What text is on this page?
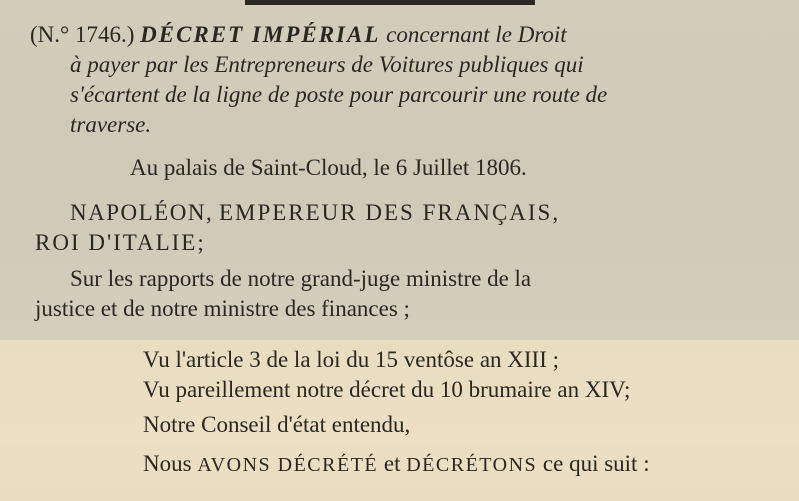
(N.° 1746.) DÉCRET IMPÉRIAL concernant le Droit
à payer par les Entrepreneurs de Voitures publiques qui
s'écartent de la ligne de poste pour parcourir une route de
traverse.
Au palais de Saint-Cloud, le 6 Juillet 1806.
NAPOLÉON, EMPEREUR DES FRANÇAIS,
ROI D'ITALIE;
Sur les rapports de notre grand-juge ministre de la
justice et de notre ministre des finances ;
Vu l'article 3 de la loi du 15 ventôse an XIII ;
Vu pareillement notre décret du 10 brumaire an XIV;
Notre Conseil d'état entendu,
Nous AVONS DÉCRÉTÉ et DÉCRÉTONS ce qui suit :
